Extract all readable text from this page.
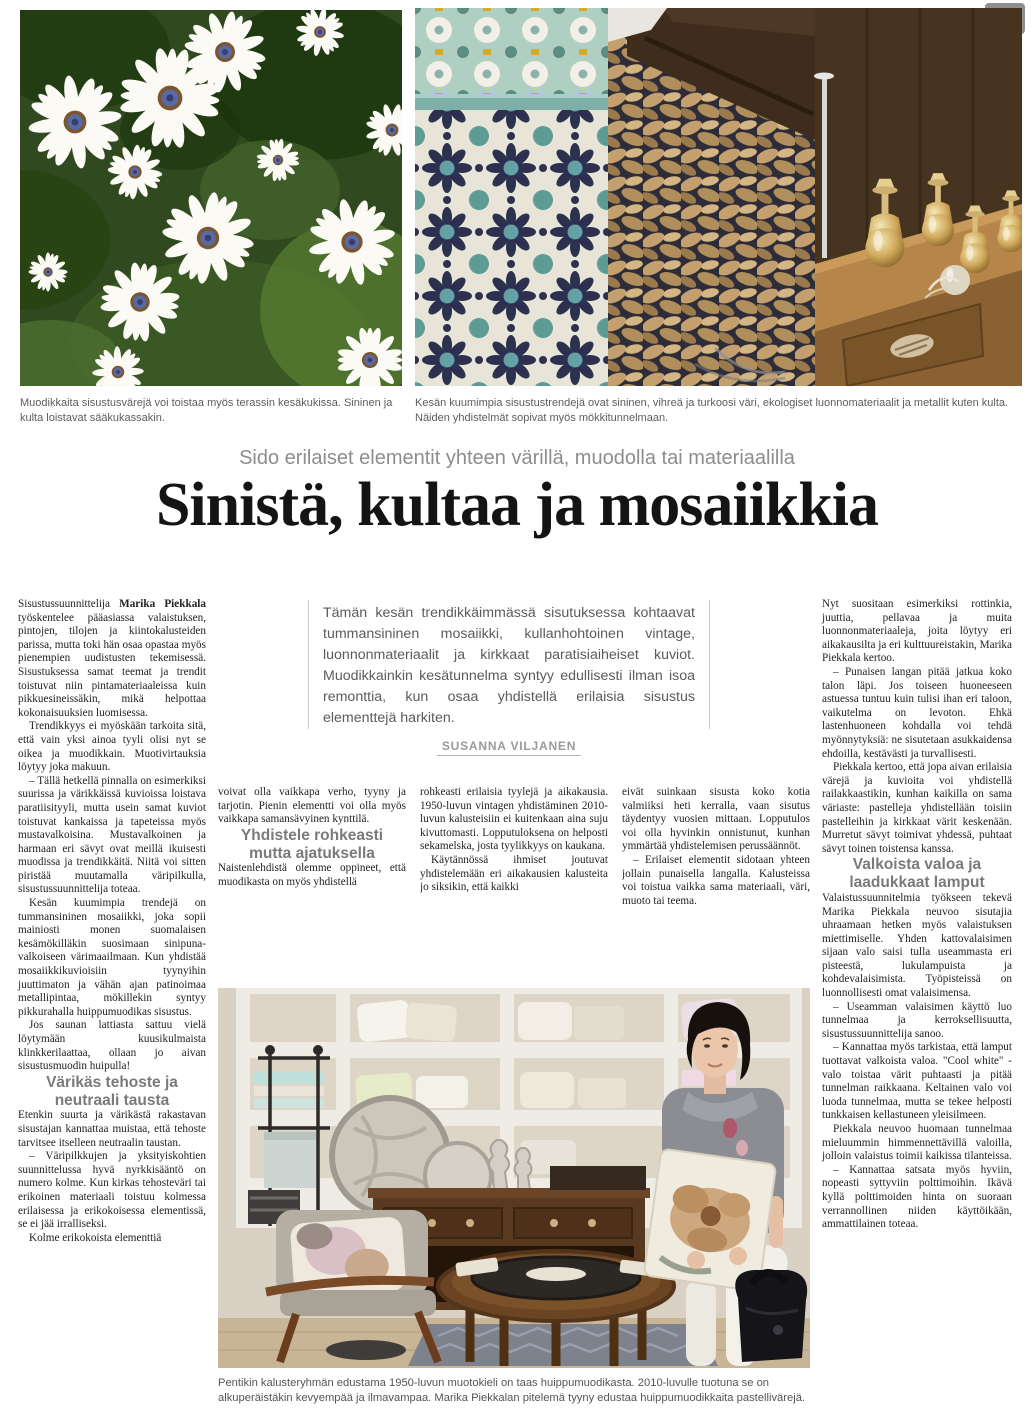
Muodikkaita sisustusvärejä voi toistaa myös terassin kesäkukissa. Sininen ja kulta loistavat sääkukassakin.
Kesän kuumimpia sisustustrendejä ovat sininen, vihreä ja turkoosi väri, ekologiset luonnomateriaalit ja metallit kuten kulta. Näiden yhdistelmät sopivat myös mökkitunnelmaan.
Sido erilaiset elementit yhteen värillä, muodolla tai materiaalilla
Sinistä, kultaa ja mosaiikkia
Tämän kesän trendikkäimmässä sisutuksessa kohtaavat tummansininen mosaiikki, kullanhohtoinen vintage, luonnonmateriaalit ja kirkkaat paratisiaiheiset kuviot. Muodikkainkin kesätunnelma syntyy edullisesti ilman isoa remonttia, kun osaa yhdistellä erilaisia sisustus elementtejä harkiten.
SUSANNA VILJANEN

Sisustussuunnittelija Marika Piekkala työskentelee pääasiassa valaistuksen, pintojen, tilojen ja kiintokalusteiden parissa, mutta toki hän osaa opastaa myös pienempien uudistusten tekemisessä. Sisustuksessa samat teemat ja trendit toistuvat niin pintamateriaaleissa kuin pikkuesineissäkin, mikä helpottaa kokonaisuuksien luomisessa.

Trendikkyys ei myöskään tarkoita sitä, että vain yksi ainoa tyyli olisi nyt se oikea ja muodikkain. Muotivirtauksia löytyy joka makuun.

– Tällä hetkellä pinnalla on esimerkiksi suurissa ja värikkäissä kuvioissa loistava paratiisityyli, mutta usein samat kuviot toistuvat kankaissa ja tapeteissa myös mustavalkoisina. Mustavalkoinen ja harmaan eri sävyt ovat meillä ikuisesti muodissa ja trendikkäitä. Niitä voi sitten piristää muutamalla väripilkulla, sisustussuunnittelija toteaa.

Kesän kuumimpia trendejä on tummansininen mosaiikki, joka sopii mainiosti monen suomalaisen kesämökilläkin suosimaan sinipuna-valkoiseen värimaailmaan. Kun yhdistää mosaiikkikuvioisiin tyynyihin juuttimaton ja vähän ajan patinoimaa metallipintaa, mökillekin syntyy pikkurahalla huippumuodikas sisustus.

Jos saunan lattiasta sattuu vielä löytymään kuusikulmaista klinkkerilaattaa, ollaan jo aivan sisustusmuodin huipulla!

Värikäs tehoste ja neutraali tausta

Etenkin suurta ja värikästä rakastavan sisustajan kannattaa muistaa, että tehoste tarvitsee itselleen neutraalin taustan.

– Väripilkkujen ja yksityiskohtien suunnittelussa hyvä nyrkkisääntö on numero kolme. Kun kirkas tehosteväri tai erikoinen materiaali toistuu kolmessa erilaisessa ja erikokoisessa elementissä, se ei jää irralliseksi.

Kolme erikokoista elementtiä

voivat olla vaikkapa verho, tyyny ja tarjotin. Pienin elementti voi olla myös vaikkapa samansävyinen kynttilä.

Yhdistele rohkeasti mutta ajatuksella

Naistenlehdistä olemme oppineet, että muodikasta on myös yhdistellä

rohkeasti erilaisia tyylejä ja aikakausia. 1950-luvun vintagen yhdistäminen 2010-luvun kalusteisiin ei kuitenkaan aina suju kivuttomasti. Lopputuloksena on helposti sekamelska, josta tyylikkyys on kaukana.

Käytännössä ihmiset joutuvat yhdistelemään eri aikakausien kalusteita jo siksikin, että kaikki

eivät suinkaan sisusta koko kotia valmiiksi heti kerralla, vaan sisutus täydentyy vuosien mittaan. Lopputulos voi olla hyvinkin onnistunut, kunhan ymmärtää yhdistelemisen perussäännöt.

– Erilaiset elementit sidotaan yhteen jollain punaisella langalla. Kalusteissa voi toistua vaikka sama materiaali, väri, muoto tai teema.

Nyt suositaan esimerkiksi rottinkia, juuttia, pellavaa ja muita luonnonmateriaaleja, joita löytyy eri aikakausilta ja eri kulttuureistakin, Marika Piekkala kertoo.

– Punaisen langan pitää jatkua koko talon läpi. Jos toiseen huoneeseen astuessa tuntuu kuin tulisi ihan eri taloon, vaikutelma on levoton. Ehkä lastenhuoneen kohdalla voi tehdä myönnytyksiä: ne sisutetaan asukkaidensa ehdoilla, kestävästi ja turvallisesti.

Piekkala kertoo, että jopa aivan erilaisia värejä ja kuvioita voi yhdistellä railakkaastikin, kunhan kaikilla on sama väriaste: pastelleja yhdistellään toisiin pastelleihin ja kirkkaat värit keskenään. Murretut sävyt toimivat yhdessä, puhtaat sävyt toinen toistensa kanssa.

Valkoista valoa ja laadukkaat lamput

Valaistussuunnitelmia työkseen tekevä Marika Piekkala neuvoo sisutajia uhraamaan hetken myös valaistuksen miettimiselle. Yhden kattovalaisimen sijaan valo saisi tulla useammasta eri pisteestä, lukulampuista ja kohdevalaisimista. Työpisteissä on luonnollisesti omat valaisimensa.

– Useamman valaisimen käyttö luo tunnelmaa ja kerroksellisuutta, sisustussuunnittelija sanoo.

– Kannattaa myös tarkistaa, että lamput tuottavat valkoista valoa. "Cool white" -valo toistaa värit puhtaasti ja pitää tunnelman raikkaana. Keltainen valo voi luoda tunnelmaa, mutta se tekee helposti tunkkaisen kellastuneen yleisilmeen.

Piekkala neuvoo huomaan tunnelmaa mieluummin himmennettävillä valoilla, jolloin valaistus toimii kaikissa tilanteissa.

– Kannattaa satsata myös hyviin, nopeasti syttyviin polttimoihin. Ikävä kyllä polttimoiden hinta on suoraan verrannollinen niiden käyttöikään, ammattilainen toteaa.

Pentikin kalusteryhmän edustama 1950-luvun muotokieli on taas huippumuodikasta. 2010-luvulle tuotuna se on alkuperäistäkin kevyempää ja ilmavampaa. Marika Piekkalan pitelemä tyyny edustaa huippumuodikkaita pastellivärejä.
